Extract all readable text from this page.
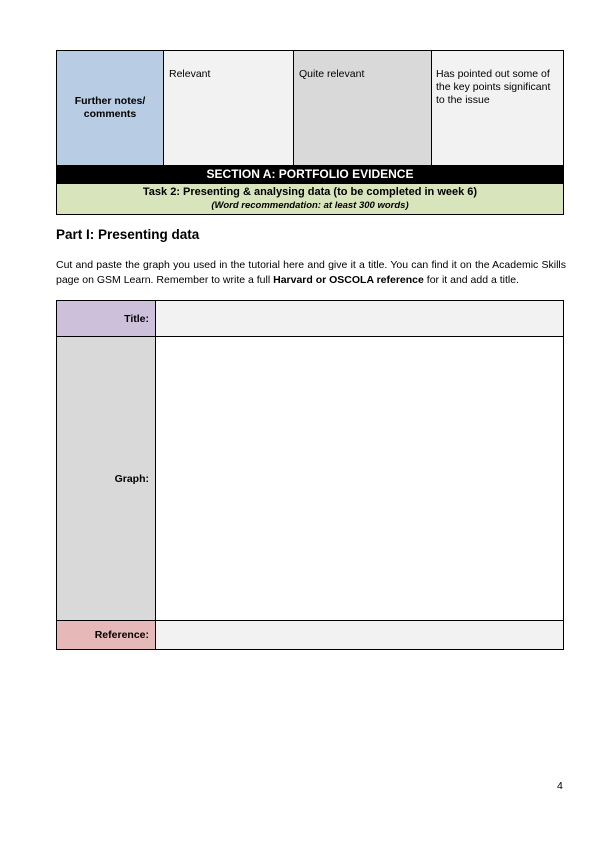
Further notes/ comments
Relevant	Quite relevant	Has pointed out some of the key points significant to the issue
SECTION A: PORTFOLIO EVIDENCE
Task 2: Presenting & analysing data (to be completed in week 6)
(Word recommendation: at least 300 words)
Part I: Presenting data
Cut and paste the graph you used in the tutorial here and give it a title. You can find it on the Academic Skills page on GSM Learn. Remember to write a full Harvard or OSCOLA reference for it and add a title.
Title:
Graph:
Reference:
4
